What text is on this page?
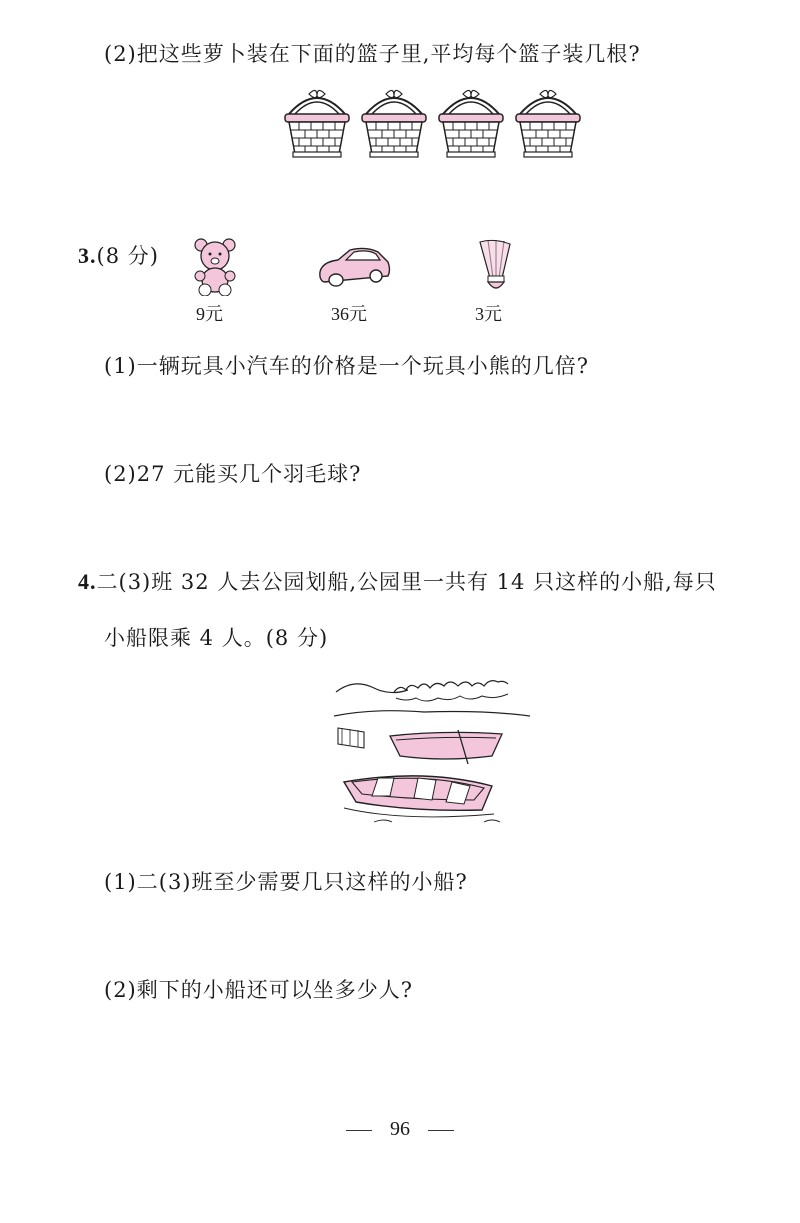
(2)把这些萝卜装在下面的篮子里,平均每个篮子装几根?
3.(8 分)
9元	36元	3元
(1)一辆玩具小汽车的价格是一个玩具小熊的几倍?
(2)27 元能买几个羽毛球?
4.二(3)班 32 人去公园划船,公园里一共有 14 只这样的小船,每只
小船限乘 4 人。(8 分)
(1)二(3)班至少需要几只这样的小船?
(2)剩下的小船还可以坐多少人?
96
